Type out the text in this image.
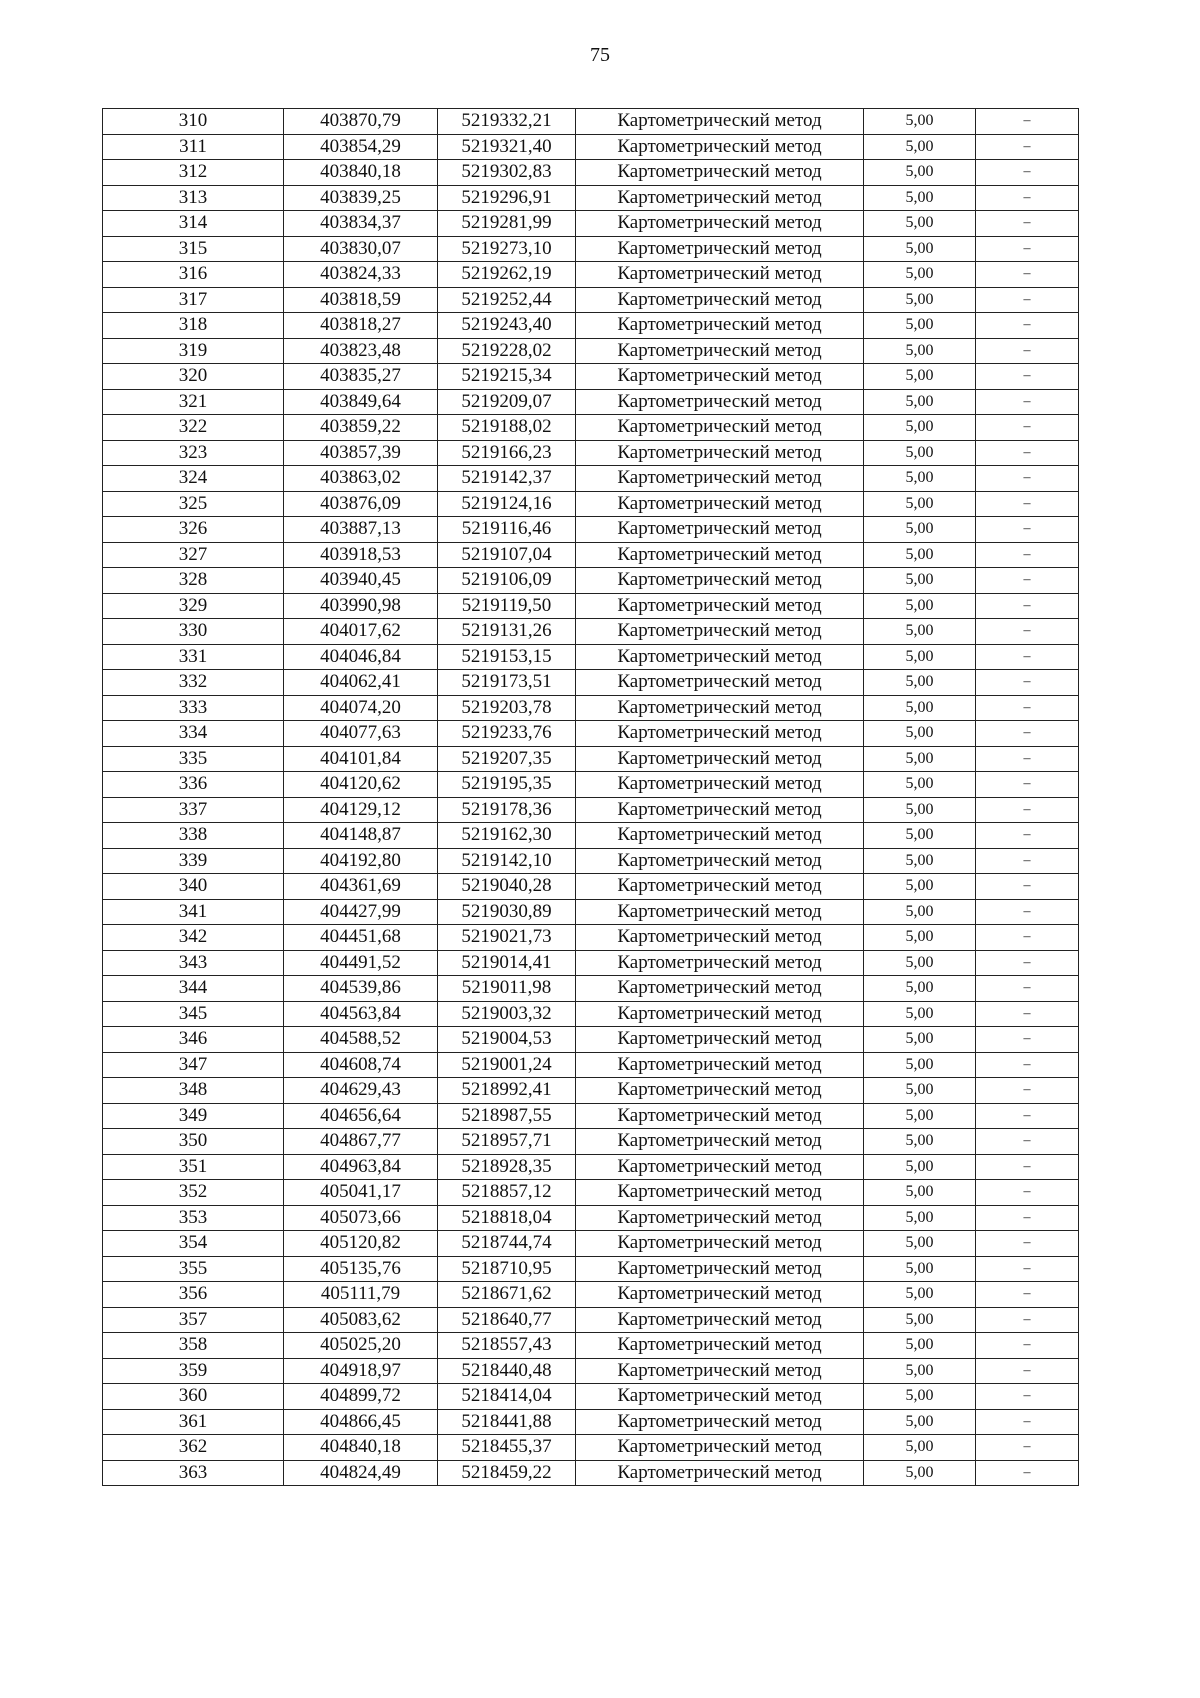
75
310	403870,79	5219332,21	Картометрический метод	5,00	–
311	403854,29	5219321,40	Картометрический метод	5,00	–
312	403840,18	5219302,83	Картометрический метод	5,00	–
313	403839,25	5219296,91	Картометрический метод	5,00	–
314	403834,37	5219281,99	Картометрический метод	5,00	–
315	403830,07	5219273,10	Картометрический метод	5,00	–
316	403824,33	5219262,19	Картометрический метод	5,00	–
317	403818,59	5219252,44	Картометрический метод	5,00	–
318	403818,27	5219243,40	Картометрический метод	5,00	–
319	403823,48	5219228,02	Картометрический метод	5,00	–
320	403835,27	5219215,34	Картометрический метод	5,00	–
321	403849,64	5219209,07	Картометрический метод	5,00	–
322	403859,22	5219188,02	Картометрический метод	5,00	–
323	403857,39	5219166,23	Картометрический метод	5,00	–
324	403863,02	5219142,37	Картометрический метод	5,00	–
325	403876,09	5219124,16	Картометрический метод	5,00	–
326	403887,13	5219116,46	Картометрический метод	5,00	–
327	403918,53	5219107,04	Картометрический метод	5,00	–
328	403940,45	5219106,09	Картометрический метод	5,00	–
329	403990,98	5219119,50	Картометрический метод	5,00	–
330	404017,62	5219131,26	Картометрический метод	5,00	–
331	404046,84	5219153,15	Картометрический метод	5,00	–
332	404062,41	5219173,51	Картометрический метод	5,00	–
333	404074,20	5219203,78	Картометрический метод	5,00	–
334	404077,63	5219233,76	Картометрический метод	5,00	–
335	404101,84	5219207,35	Картометрический метод	5,00	–
336	404120,62	5219195,35	Картометрический метод	5,00	–
337	404129,12	5219178,36	Картометрический метод	5,00	–
338	404148,87	5219162,30	Картометрический метод	5,00	–
339	404192,80	5219142,10	Картометрический метод	5,00	–
340	404361,69	5219040,28	Картометрический метод	5,00	–
341	404427,99	5219030,89	Картометрический метод	5,00	–
342	404451,68	5219021,73	Картометрический метод	5,00	–
343	404491,52	5219014,41	Картометрический метод	5,00	–
344	404539,86	5219011,98	Картометрический метод	5,00	–
345	404563,84	5219003,32	Картометрический метод	5,00	–
346	404588,52	5219004,53	Картометрический метод	5,00	–
347	404608,74	5219001,24	Картометрический метод	5,00	–
348	404629,43	5218992,41	Картометрический метод	5,00	–
349	404656,64	5218987,55	Картометрический метод	5,00	–
350	404867,77	5218957,71	Картометрический метод	5,00	–
351	404963,84	5218928,35	Картометрический метод	5,00	–
352	405041,17	5218857,12	Картометрический метод	5,00	–
353	405073,66	5218818,04	Картометрический метод	5,00	–
354	405120,82	5218744,74	Картометрический метод	5,00	–
355	405135,76	5218710,95	Картометрический метод	5,00	–
356	405111,79	5218671,62	Картометрический метод	5,00	–
357	405083,62	5218640,77	Картометрический метод	5,00	–
358	405025,20	5218557,43	Картометрический метод	5,00	–
359	404918,97	5218440,48	Картометрический метод	5,00	–
360	404899,72	5218414,04	Картометрический метод	5,00	–
361	404866,45	5218441,88	Картометрический метод	5,00	–
362	404840,18	5218455,37	Картометрический метод	5,00	–
363	404824,49	5218459,22	Картометрический метод	5,00	–
